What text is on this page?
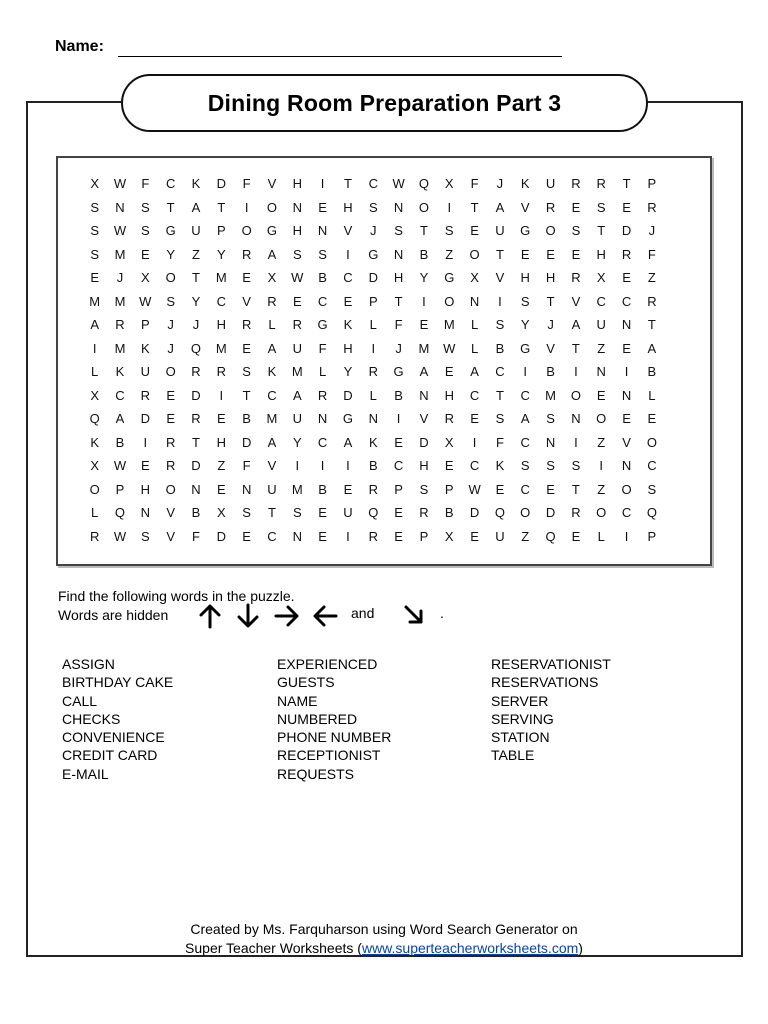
Name:
Dining Room Preparation Part 3
X	W	F	C	K	D	F	V	H	I	T	C	W	Q	X	F	J	K	U	R	R	T	P
S	N	S	T	A	T	I	O	N	E	H	S	N	O	I	T	A	V	R	E	S	E	R
S	W	S	G	U	P	O	G	H	N	V	J	S	T	S	E	U	G	O	S	T	D	J
S	M	E	Y	Z	Y	R	A	S	S	I	G	N	B	Z	O	T	E	E	E	H	R	F
E	J	X	O	T	M	E	X	W	B	C	D	H	Y	G	X	V	H	H	R	X	E	Z
M	M	W	S	Y	C	V	R	E	C	E	P	T	I	O	N	I	S	T	V	C	C	R
A	R	P	J	J	H	R	L	R	G	K	L	F	E	M	L	S	Y	J	A	U	N	T
I	M	K	J	Q	M	E	A	U	F	H	I	J	M	W	L	B	G	V	T	Z	E	A
L	K	U	O	R	R	S	K	M	L	Y	R	G	A	E	A	C	I	B	I	N	I	B
X	C	R	E	D	I	T	C	A	R	D	L	B	N	H	C	T	C	M	O	E	N	L
Q	A	D	E	R	E	B	M	U	N	G	N	I	V	R	E	S	A	S	N	O	E	E
K	B	I	R	T	H	D	A	Y	C	A	K	E	D	X	I	F	C	N	I	Z	V	O
X	W	E	R	D	Z	F	V	I	I	I	B	C	H	E	C	K	S	S	S	I	N	C
O	P	H	O	N	E	N	U	M	B	E	R	P	S	P	W	E	C	E	T	Z	O	S
L	Q	N	V	B	X	S	T	S	E	U	Q	E	R	B	D	Q	O	D	R	O	C	Q
R	W	S	V	F	D	E	C	N	E	I	R	E	P	X	E	U	Z	Q	E	L	I	P
Find the following words in the puzzle.
Words are hidden	and	.
ASSIGN
BIRTHDAY CAKE
CALL
CHECKS
CONVENIENCE
CREDIT CARD
E-MAIL
EXPERIENCED
GUESTS
NAME
NUMBERED
PHONE NUMBER
RECEPTIONIST
REQUESTS
RESERVATIONIST
RESERVATIONS
SERVER
SERVING
STATION
TABLE
Created by Ms. Farquharson using Word Search Generator on
Super Teacher Worksheets (www.superteacherworksheets.com)
